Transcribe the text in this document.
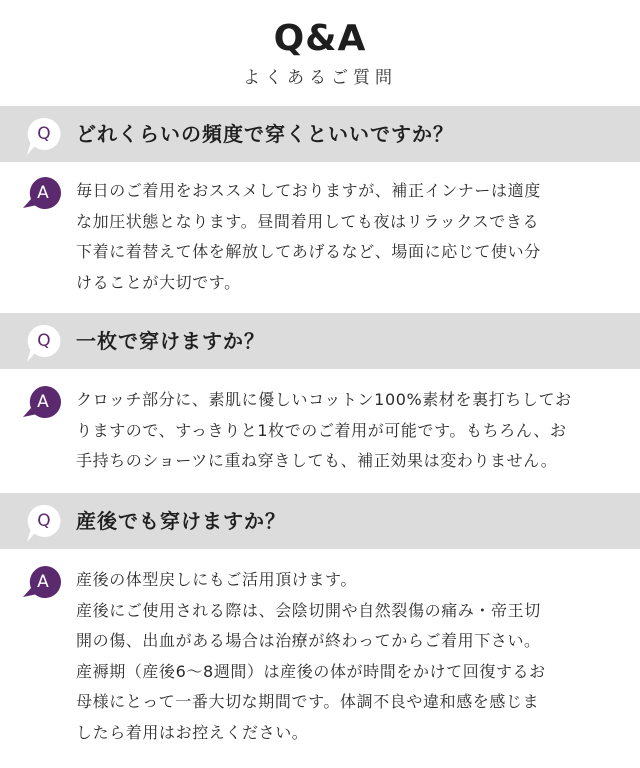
Q&A
よくあるご質問
Q	どれくらいの頻度で穿くといいですか？
A	毎日のご着用をおススメしておりますが、補正インナーは適度
な加圧状態となります。昼間着用しても夜はリラックスできる
下着に着替えて体を解放してあげるなど、場面に応じて使い分
けることが大切です。
Q	一枚で穿けますか？
A	クロッチ部分に、素肌に優しいコットン100%素材を裏打ちしてお
りますので、すっきりと1枚でのご着用が可能です。もちろん、お
手持ちのショーツに重ね穿きしても、補正効果は変わりません。
Q	産後でも穿けますか？
A	産後の体型戻しにもご活用頂けます。
産後にご使用される際は、会陰切開や自然裂傷の痛み・帝王切
開の傷、出血がある場合は治療が終わってからご着用下さい。
産褥期（産後6〜8週間）は産後の体が時間をかけて回復するお
母様にとって一番大切な期間です。体調不良や違和感を感じま
したら着用はお控えください。
